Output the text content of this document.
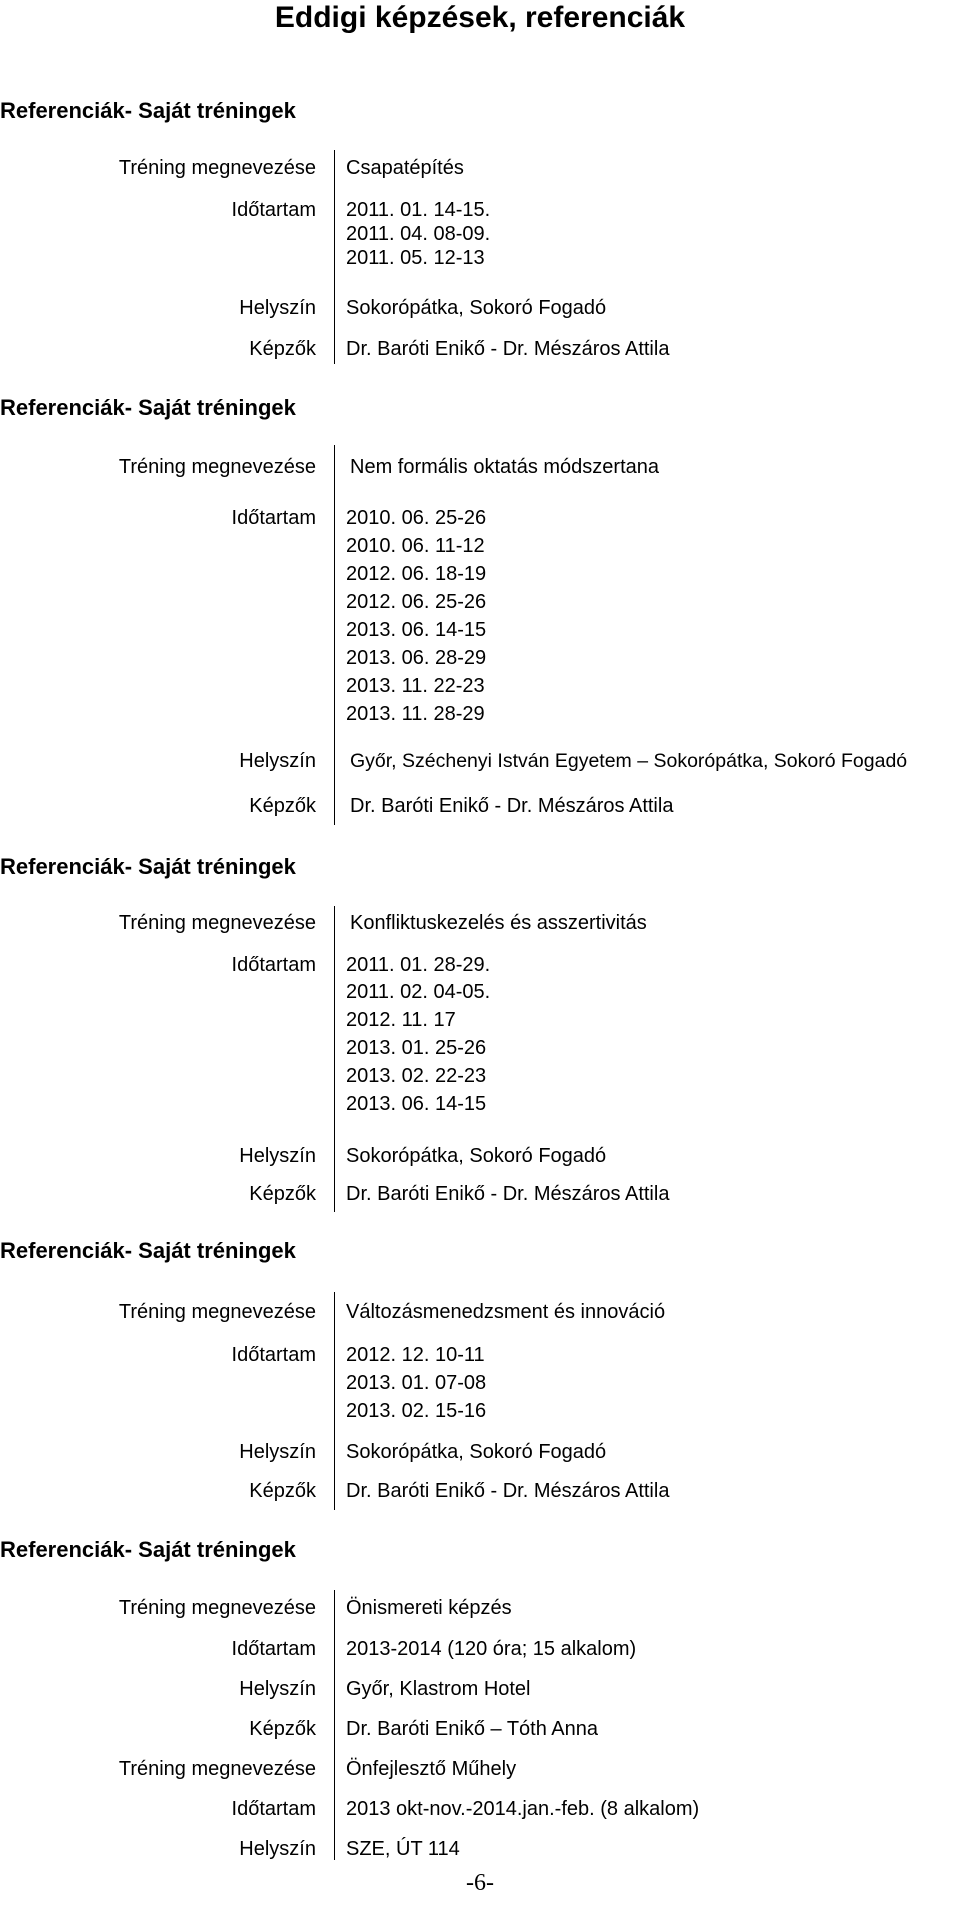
Eddigi képzések, referenciák
Referenciák- Saját tréningek
Tréning megnevezése Csapatépítés
Időtartam 2011. 01. 14-15.
2011. 04. 08-09.
2011. 05. 12-13
Helyszín Sokorópátka, Sokoró Fogadó
Képzők Dr. Baróti Enikő - Dr. Mészáros Attila
Referenciák- Saját tréningek
Tréning megnevezése Nem formális oktatás módszertana
Időtartam 2010. 06. 25-26
2010. 06. 11-12
2012. 06. 18-19
2012. 06. 25-26
2013. 06. 14-15
2013. 06. 28-29
2013. 11. 22-23
2013. 11. 28-29
Helyszín Győr, Széchenyi István Egyetem – Sokorópátka, Sokoró Fogadó
Képzők Dr. Baróti Enikő - Dr. Mészáros Attila
Referenciák- Saját tréningek
Tréning megnevezése Konfliktuskezelés és asszertivitás
Időtartam 2011. 01. 28-29.
2011. 02. 04-05.
2012. 11. 17
2013. 01. 25-26
2013. 02. 22-23
2013. 06. 14-15
Helyszín Sokorópátka, Sokoró Fogadó
Képzők Dr. Baróti Enikő - Dr. Mészáros Attila
Referenciák- Saját tréningek
Tréning megnevezése Változásmenedzsment és innováció
Időtartam 2012. 12. 10-11
2013. 01. 07-08
2013. 02. 15-16
Helyszín Sokorópátka, Sokoró Fogadó
Képzők Dr. Baróti Enikő - Dr. Mészáros Attila
Referenciák- Saját tréningek
Tréning megnevezése Önismereti képzés
Időtartam 2013-2014 (120 óra; 15 alkalom)
Helyszín Győr, Klastrom Hotel
Képzők Dr. Baróti Enikő – Tóth Anna
Tréning megnevezése Önfejlesztő Műhely
Időtartam 2013 okt-nov.-2014.jan.-feb. (8 alkalom)
Helyszín SZE, ÚT 114
-6-
